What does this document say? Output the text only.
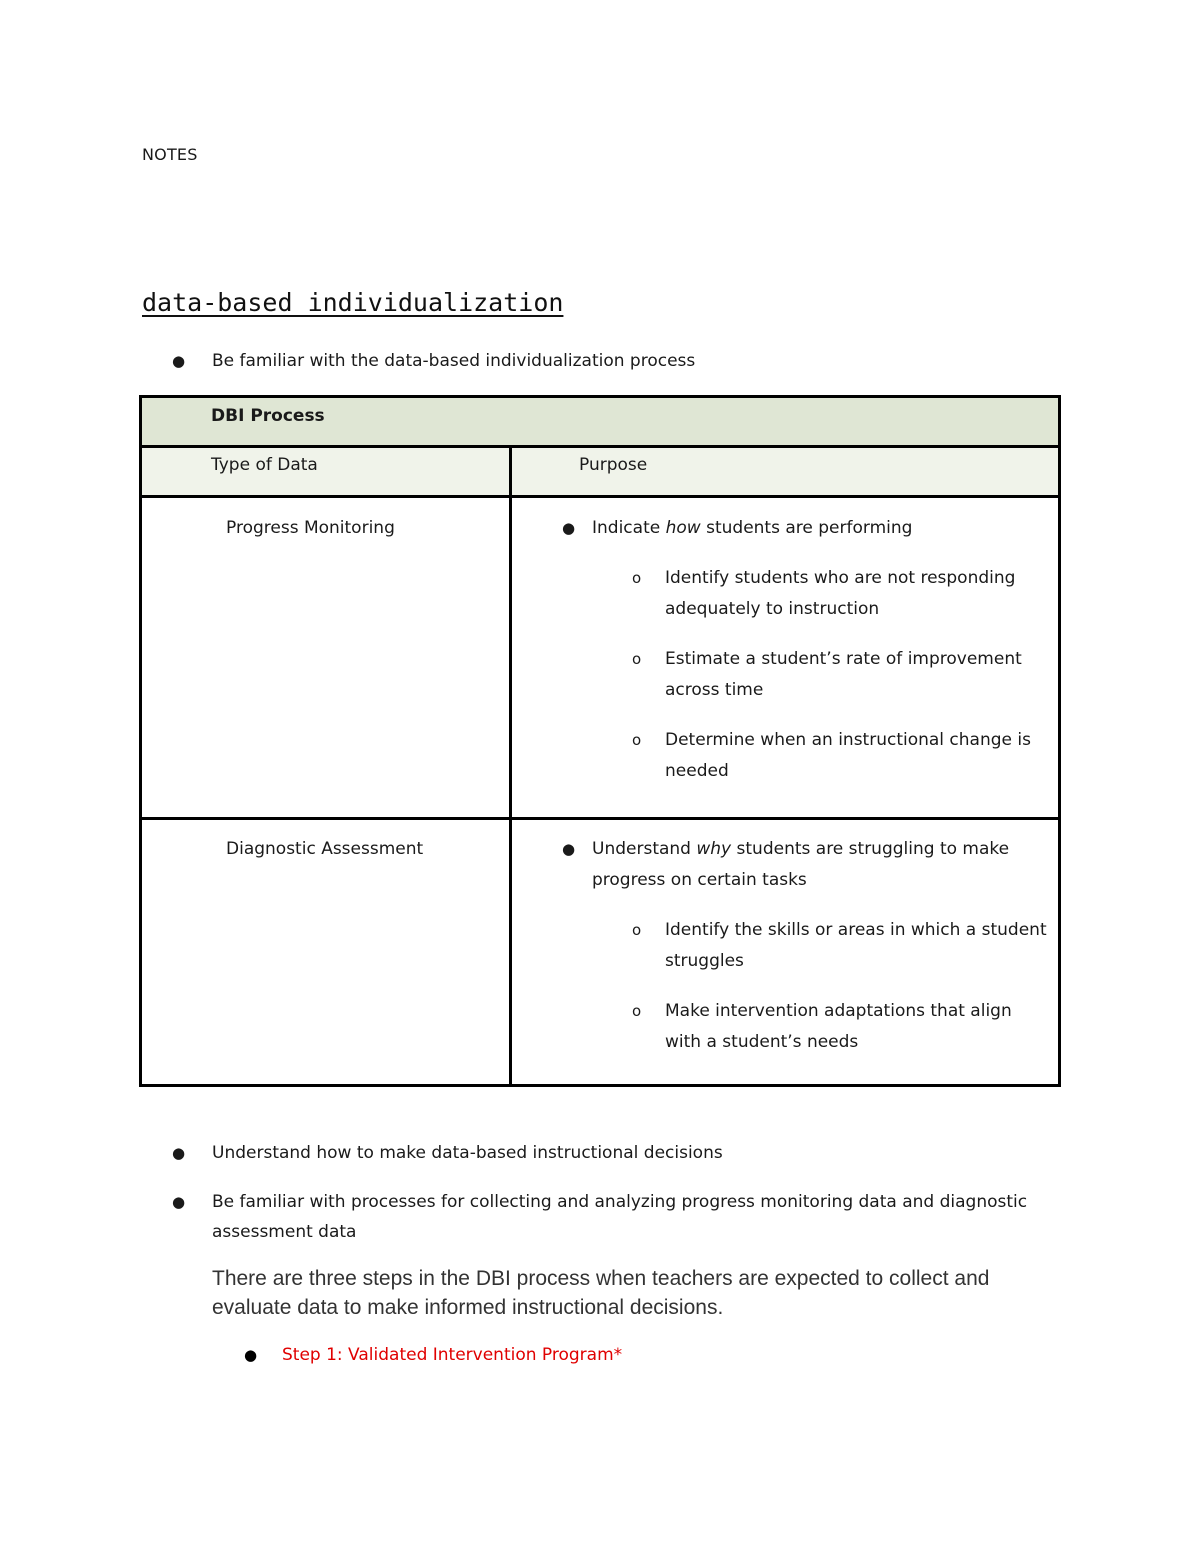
NOTES
data-based individualization
● Be familiar with the data-based individualization process
DBI Process
Type of Data	Purpose
Progress Monitoring	● Indicate how students are performing
o Identify students who are not responding adequately to instruction
o Estimate a student’s rate of improvement across time
o Determine when an instructional change is needed
Diagnostic Assessment	● Understand why students are struggling to make progress on certain tasks
o Identify the skills or areas in which a student struggles
o Make intervention adaptations that align with a student’s needs
● Understand how to make data-based instructional decisions
● Be familiar with processes for collecting and analyzing progress monitoring data and diagnostic assessment data
There are three steps in the DBI process when teachers are expected to collect and evaluate data to make informed instructional decisions.
● Step 1: Validated Intervention Program*
